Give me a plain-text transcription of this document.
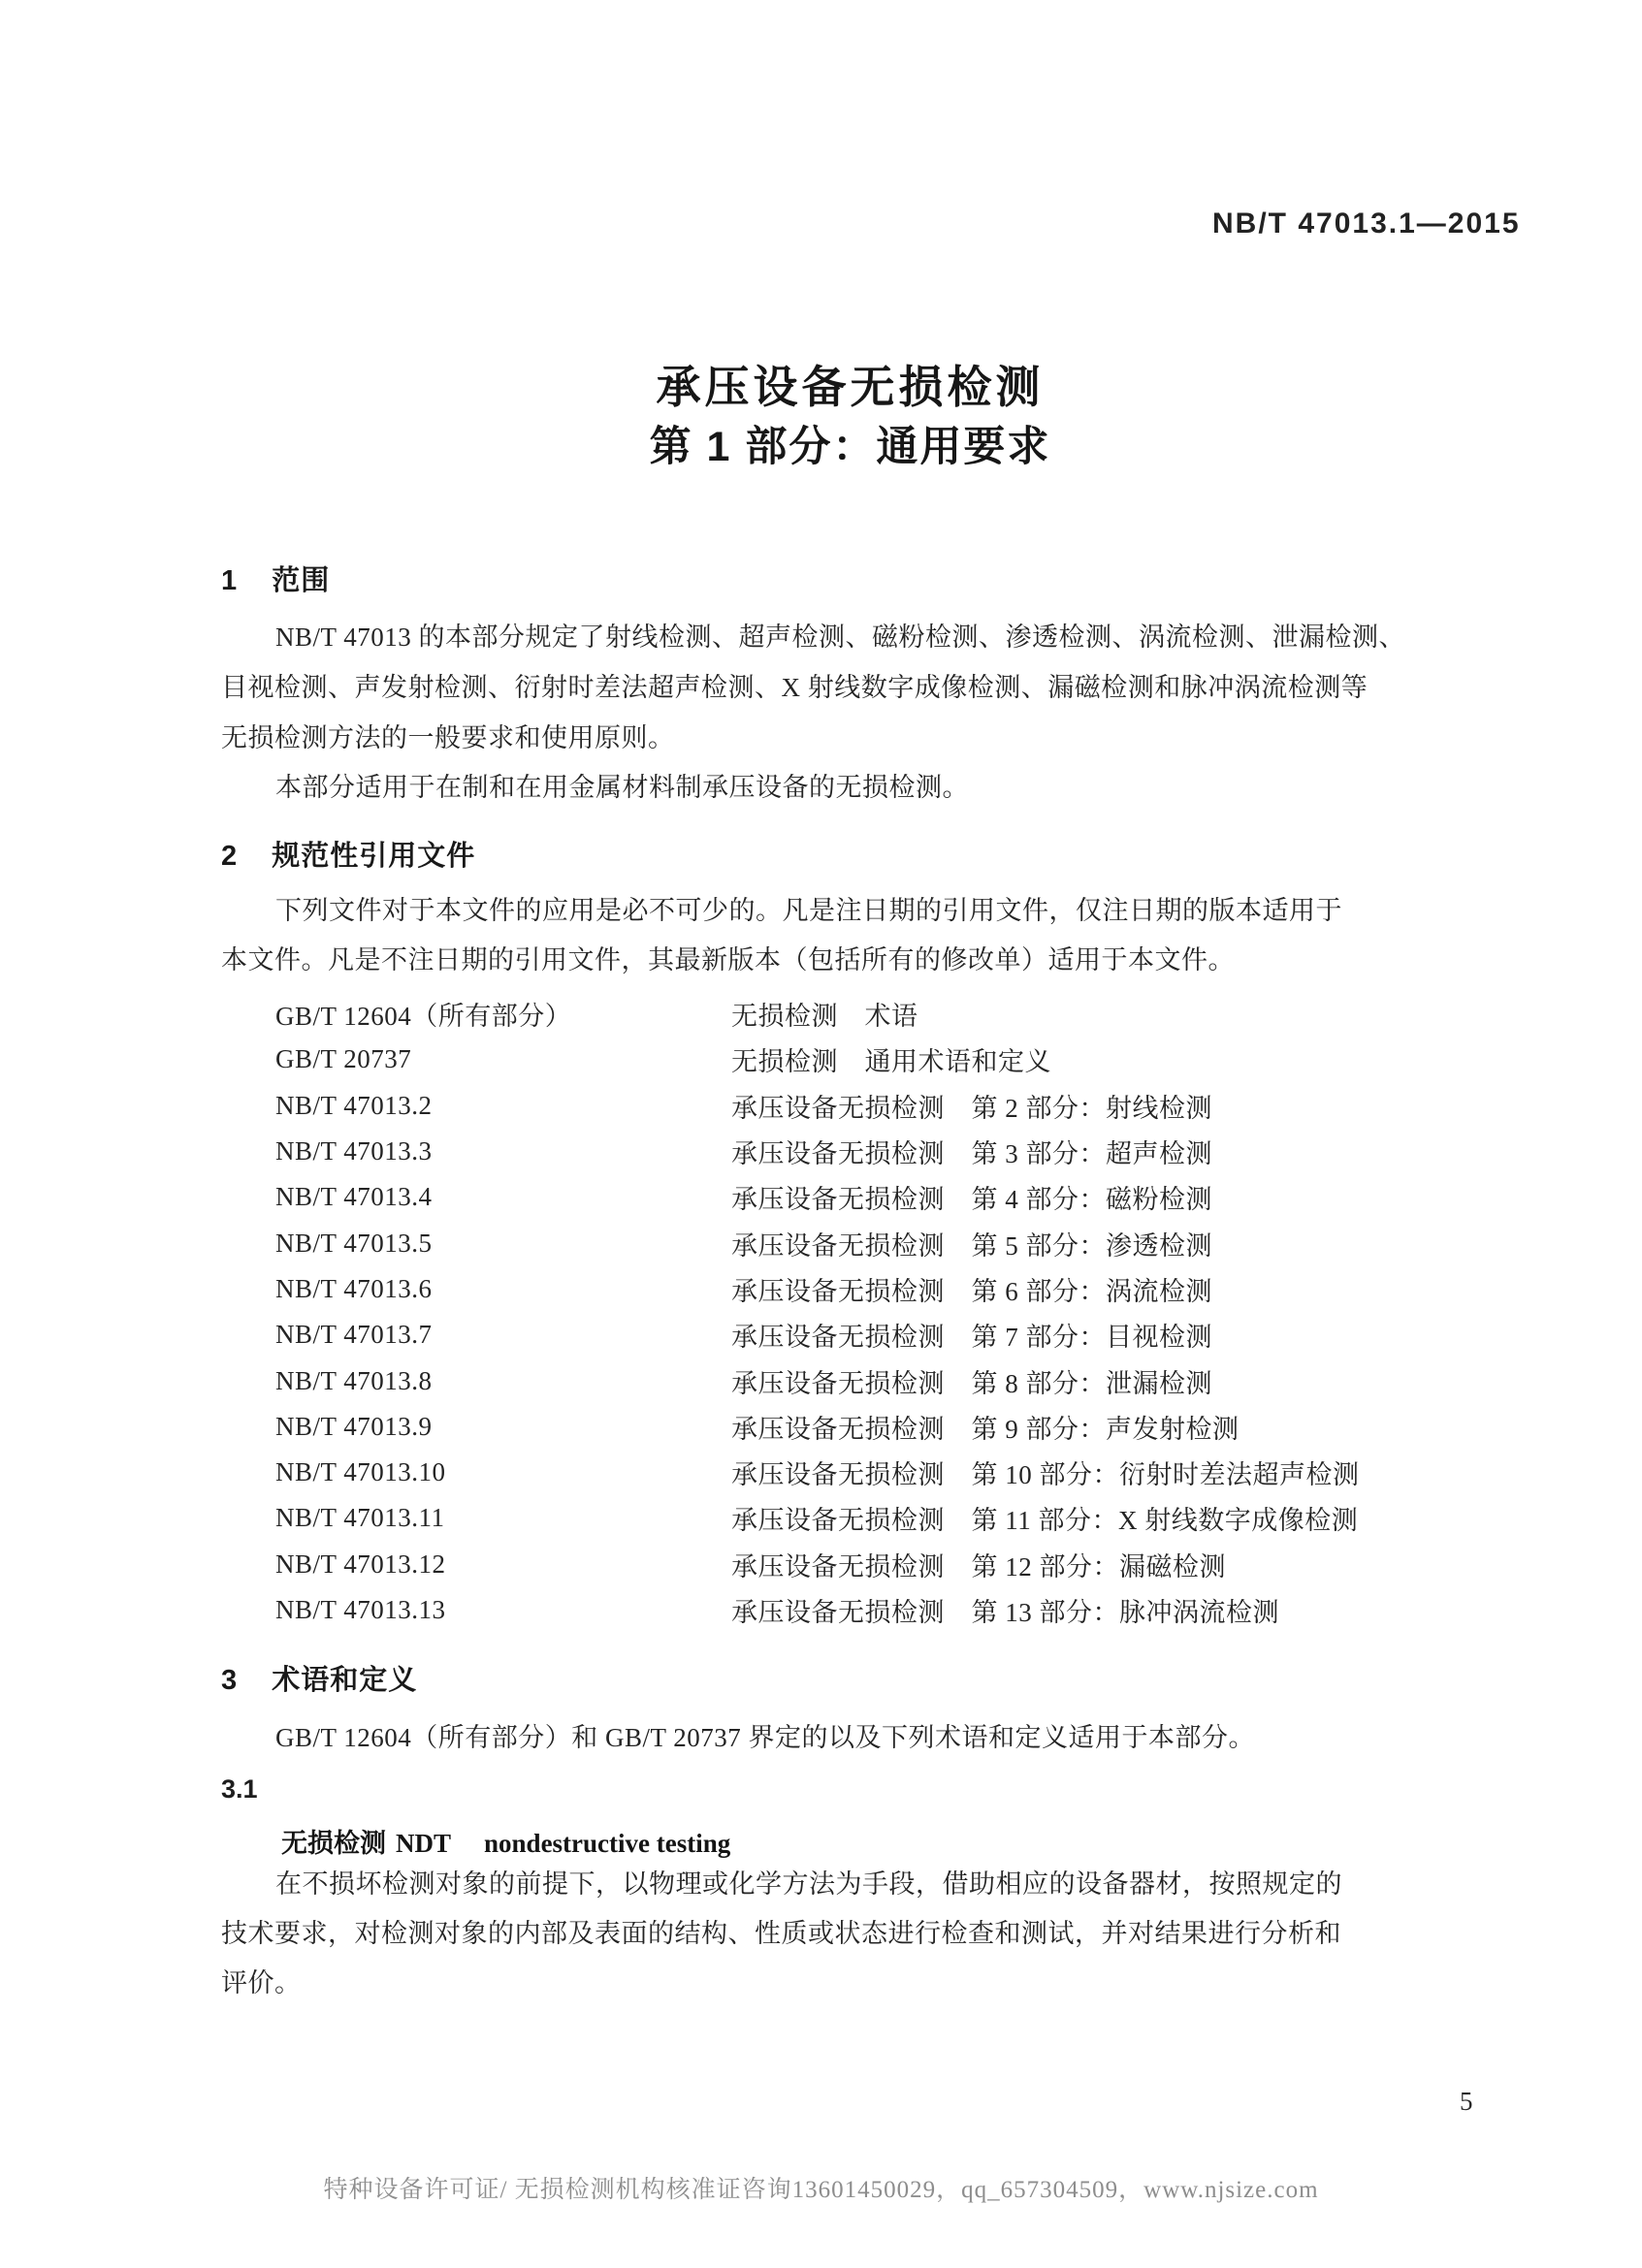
NB/T 47013.1—2015
承压设备无损检测
第 1 部分：通用要求
1 范围
NB/T 47013 的本部分规定了射线检测、超声检测、磁粉检测、渗透检测、涡流检测、泄漏检测、
目视检测、声发射检测、衍射时差法超声检测、X 射线数字成像检测、漏磁检测和脉冲涡流检测等
无损检测方法的一般要求和使用原则。
本部分适用于在制和在用金属材料制承压设备的无损检测。
2 规范性引用文件
下列文件对于本文件的应用是必不可少的。凡是注日期的引用文件，仅注日期的版本适用于
本文件。凡是不注日期的引用文件，其最新版本（包括所有的修改单）适用于本文件。
GB/T 12604（所有部分）	无损检测　术语
GB/T 20737	无损检测　通用术语和定义
NB/T 47013.2	承压设备无损检测　第 2 部分：射线检测
NB/T 47013.3	承压设备无损检测　第 3 部分：超声检测
NB/T 47013.4	承压设备无损检测　第 4 部分：磁粉检测
NB/T 47013.5	承压设备无损检测　第 5 部分：渗透检测
NB/T 47013.6	承压设备无损检测　第 6 部分：涡流检测
NB/T 47013.7	承压设备无损检测　第 7 部分：目视检测
NB/T 47013.8	承压设备无损检测　第 8 部分：泄漏检测
NB/T 47013.9	承压设备无损检测　第 9 部分：声发射检测
NB/T 47013.10	承压设备无损检测　第 10 部分：衍射时差法超声检测
NB/T 47013.11	承压设备无损检测　第 11 部分：X 射线数字成像检测
NB/T 47013.12	承压设备无损检测　第 12 部分：漏磁检测
NB/T 47013.13	承压设备无损检测　第 13 部分：脉冲涡流检测
3 术语和定义
GB/T 12604（所有部分）和 GB/T 20737 界定的以及下列术语和定义适用于本部分。
3.1
无损检测 NDT nondestructive testing
在不损坏检测对象的前提下，以物理或化学方法为手段，借助相应的设备器材，按照规定的
技术要求，对检测对象的内部及表面的结构、性质或状态进行检查和测试，并对结果进行分析和
评价。
5
特种设备许可证/ 无损检测机构核准证咨询13601450029，qq_657304509，www.njsize.com
